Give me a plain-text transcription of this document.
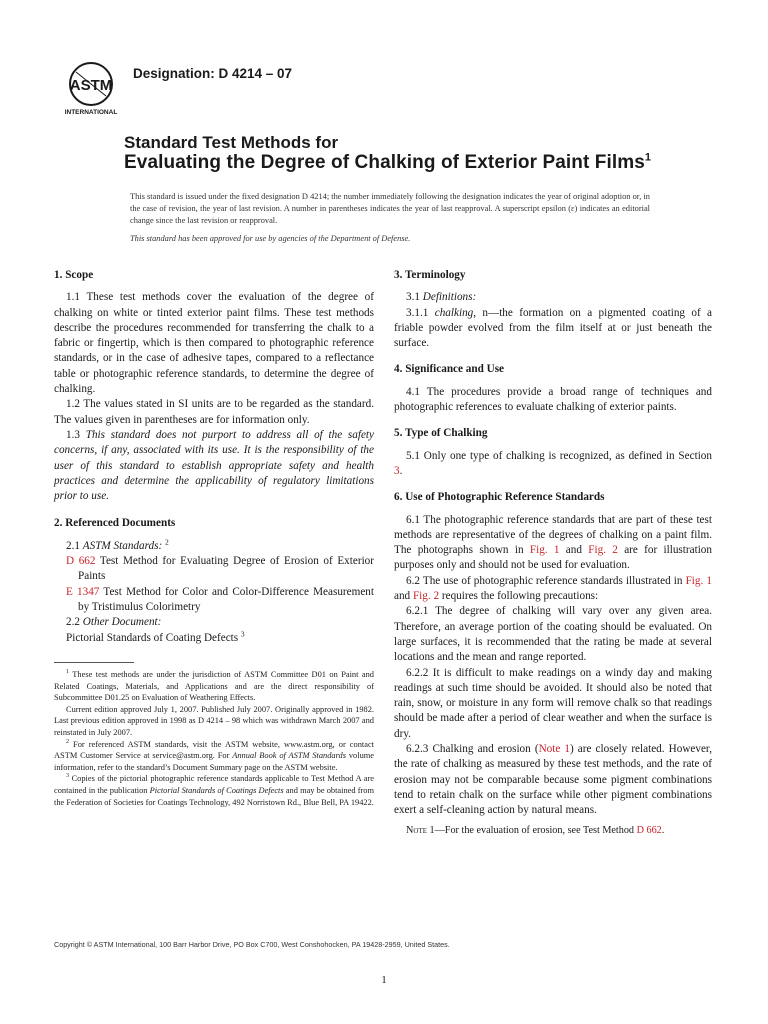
ASTM
INTERNATIONAL
Designation: D 4214 – 07
Standard Test Methods for
Evaluating the Degree of Chalking of Exterior Paint Films$^1$
This standard is issued under the fixed designation D 4214; the number immediately following the designation indicates the year of original adoption or, in the case of revision, the year of last revision. A number in parentheses indicates the year of last reapproval. A superscript epsilon (ε) indicates an editorial change since the last revision or reapproval.
This standard has been approved for use by agencies of the Department of Defense.
1. Scope

1.1 These test methods cover the evaluation of the degree of chalking on white or tinted exterior paint films. These test methods describe the procedures recommended for transferring the chalk to a fabric or fingertip, which is then compared to photographic reference standards, or in the case of adhesive tapes, compared to a reflectance table or photographic reference standards, to determine the degree of chalking.

1.2 The values stated in SI units are to be regarded as the standard. The values given in parentheses are for information only.

1.3 This standard does not purport to address all of the safety concerns, if any, associated with its use. It is the responsibility of the user of this standard to establish appropriate safety and health practices and determine the applicability of regulatory limitations prior to use.

2. Referenced Documents

2.1 ASTM Standards: $^2$

D 662 Test Method for Evaluating Degree of Erosion of Exterior Paints

E 1347 Test Method for Color and Color-Difference Measurement by Tristimulus Colorimetry

2.2 Other Document:

Pictorial Standards of Coating Defects $^3$

$^1$ These test methods are under the jurisdiction of ASTM Committee D01 on Paint and Related Coatings, Materials, and Applications and are the direct responsibility of Subcommittee D01.25 on Evaluation of Weathering Effects.

Current edition approved July 1, 2007. Published July 2007. Originally approved in 1982. Last previous edition approved in 1998 as D 4214 – 98 which was withdrawn March 2007 and reinstated in July 2007.

$^2$ For referenced ASTM standards, visit the ASTM website, www.astm.org, or contact ASTM Customer Service at service@astm.org. For Annual Book of ASTM Standards volume information, refer to the standard’s Document Summary page on the ASTM website.

$^3$ Copies of the pictorial photographic reference standards applicable to Test Method A are contained in the publication Pictorial Standards of Coatings Defects and may be obtained from the Federation of Societies for Coatings Technology, 492 Norristown Rd., Blue Bell, PA 19422.

3. Terminology

3.1 Definitions:

3.1.1 chalking, n—the formation on a pigmented coating of a friable powder evolved from the film itself at or just beneath the surface.

4. Significance and Use

4.1 The procedures provide a broad range of techniques and photographic references to evaluate chalking of exterior paints.

5. Type of Chalking

5.1 Only one type of chalking is recognized, as defined in Section 3.

6. Use of Photographic Reference Standards

6.1 The photographic reference standards that are part of these test methods are representative of the degrees of chalking on a paint film. The photographs shown in Fig. 1 and Fig. 2 are for illustration purposes only and should not be used for evaluation.

6.2 The use of photographic reference standards illustrated in Fig. 1 and Fig. 2 requires the following precautions:

6.2.1 The degree of chalking will vary over any given area. Therefore, an average portion of the coating should be evaluated. On large surfaces, it is recommended that the rating be made at several locations and the mean and range reported.

6.2.2 It is difficult to make readings on a windy day and making readings at such time should be avoided. It should also be noted that rain, snow, or moisture in any form will remove chalk so that readings should be made after a period of clear weather and when the surface is dry.

6.2.3 Chalking and erosion (Note 1) are closely related. However, the rate of chalking as measured by these test methods, and the rate of erosion may not be comparable because some pigment combinations tend to retain chalk on the surface while other pigment combinations exert a self-cleaning action by natural means.

Note 1—For the evaluation of erosion, see Test Method D 662.

Copyright © ASTM International, 100 Barr Harbor Drive, PO Box C700, West Conshohocken, PA 19428-2959, United States.
1
